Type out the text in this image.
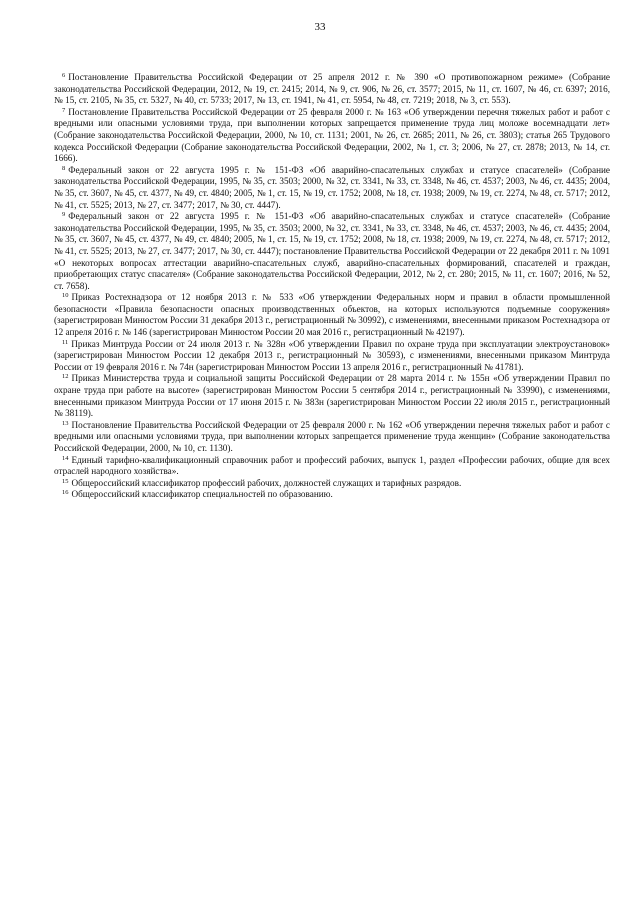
33

$^6$ Постановление Правительства Российской Федерации от 25 апреля 2012 г. № 390 «О противопожарном режиме» (Собрание законодательства Российской Федерации, 2012, № 19, ст. 2415; 2014, № 9, ст. 906, № 26, ст. 3577; 2015, № 11, ст. 1607, № 46, ст. 6397; 2016, № 15, ст. 2105, № 35, ст. 5327, № 40, ст. 5733; 2017, № 13, ст. 1941, № 41, ст. 5954, № 48, ст. 7219; 2018, № 3, ст. 553).

$^7$ Постановление Правительства Российской Федерации от 25 февраля 2000 г. № 163 «Об утверждении перечня тяжелых работ и работ с вредными или опасными условиями труда, при выполнении которых запрещается применение труда лиц моложе восемнадцати лет» (Собрание законодательства Российской Федерации, 2000, № 10, ст. 1131; 2001, № 26, ст. 2685; 2011, № 26, ст. 3803); статья 265 Трудового кодекса Российской Федерации (Собрание законодательства Российской Федерации, 2002, № 1, ст. 3; 2006, № 27, ст. 2878; 2013, № 14, ст. 1666).

$^8$ Федеральный закон от 22 августа 1995 г. № 151-ФЗ «Об аварийно-спасательных службах и статусе спасателей» (Собрание законодательства Российской Федерации, 1995, № 35, ст. 3503; 2000, № 32, ст. 3341, № 33, ст. 3348, № 46, ст. 4537; 2003, № 46, ст. 4435; 2004, № 35, ст. 3607, № 45, ст. 4377, № 49, ст. 4840; 2005, № 1, ст. 15, № 19, ст. 1752; 2008, № 18, ст. 1938; 2009, № 19, ст. 2274, № 48, ст. 5717; 2012, № 41, ст. 5525; 2013, № 27, ст. 3477; 2017, № 30, ст. 4447).

$^9$ Федеральный закон от 22 августа 1995 г. № 151-ФЗ «Об аварийно-спасательных службах и статусе спасателей» (Собрание законодательства Российской Федерации, 1995, № 35, ст. 3503; 2000, № 32, ст. 3341, № 33, ст. 3348, № 46, ст. 4537; 2003, № 46, ст. 4435; 2004, № 35, ст. 3607, № 45, ст. 4377, № 49, ст. 4840; 2005, № 1, ст. 15, № 19, ст. 1752; 2008, № 18, ст. 1938; 2009, № 19, ст. 2274, № 48, ст. 5717; 2012, № 41, ст. 5525; 2013, № 27, ст. 3477; 2017, № 30, ст. 4447); постановление Правительства Российской Федерации от 22 декабря 2011 г. № 1091 «О некоторых вопросах аттестации аварийно-спасательных служб, аварийно-спасательных формирований, спасателей и граждан, приобретающих статус спасателя» (Собрание законодательства Российской Федерации, 2012, № 2, ст. 280; 2015, № 11, ст. 1607; 2016, № 52, ст. 7658).

$^{10}$ Приказ Ростехнадзора от 12 ноября 2013 г. № 533 «Об утверждении Федеральных норм и правил в области промышленной безопасности «Правила безопасности опасных производственных объектов, на которых используются подъемные сооружения» (зарегистрирован Минюстом России 31 декабря 2013 г., регистрационный № 30992), с изменениями, внесенными приказом Ростехнадзора от 12 апреля 2016 г. № 146 (зарегистрирован Минюстом России 20 мая 2016 г., регистрационный № 42197).

$^{11}$ Приказ Минтруда России от 24 июля 2013 г. № 328н «Об утверждении Правил по охране труда при эксплуатации электроустановок» (зарегистрирован Минюстом России 12 декабря 2013 г., регистрационный № 30593), с изменениями, внесенными приказом Минтруда России от 19 февраля 2016 г. № 74н (зарегистрирован Минюстом России 13 апреля 2016 г., регистрационный № 41781).

$^{12}$ Приказ Министерства труда и социальной защиты Российской Федерации от 28 марта 2014 г. № 155н «Об утверждении Правил по охране труда при работе на высоте» (зарегистрирован Минюстом России 5 сентября 2014 г., регистрационный № 33990), с изменениями, внесенными приказом Минтруда России от 17 июня 2015 г. № 383н (зарегистрирован Минюстом России 22 июля 2015 г., регистрационный № 38119).

$^{13}$ Постановление Правительства Российской Федерации от 25 февраля 2000 г. № 162 «Об утверждении перечня тяжелых работ и работ с вредными или опасными условиями труда, при выполнении которых запрещается применение труда женщин» (Собрание законодательства Российской Федерации, 2000, № 10, ст. 1130).

$^{14}$ Единый тарифно-квалификационный справочник работ и профессий рабочих, выпуск 1, раздел «Профессии рабочих, общие для всех отраслей народного хозяйства».

$^{15}$ Общероссийский классификатор профессий рабочих, должностей служащих и тарифных разрядов.

$^{16}$ Общероссийский классификатор специальностей по образованию.
